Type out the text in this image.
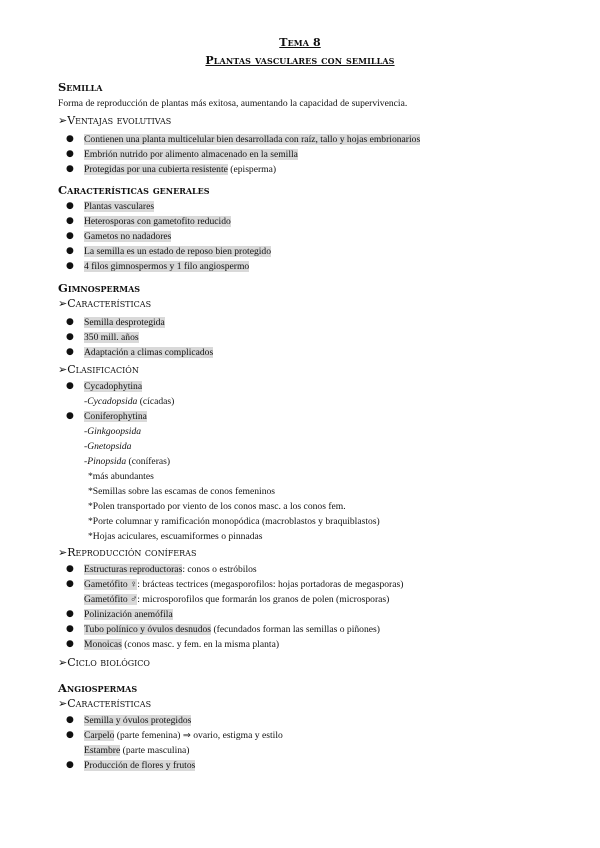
Tema 8
Plantas vasculares con semillas
Semilla
Forma de reproducción de plantas más exitosa, aumentando la capacidad de supervivencia.
➢Ventajas evolutivas
● Contienen una planta multicelular bien desarrollada con raíz, tallo y hojas embrionarios
● Embrión nutrido por alimento almacenado en la semilla
● Protegidas por una cubierta resistente (episperma)
Características generales
● Plantas vasculares
● Heterosporas con gametofito reducido
● Gametos no nadadores
● La semilla es un estado de reposo bien protegido
● 4 filos gimnospermos y 1 filo angiospermo
Gimnospermas
➢Características
● Semilla desprotegida
● 350 mill. años
● Adaptación a climas complicados
➢Clasificación
● Cycadophytina
-Cycadopsida (cícadas)
● Coniferophytina
-Ginkgoopsida
-Gnetopsida
-Pinopsida (coníferas)
*más abundantes
*Semillas sobre las escamas de conos femeninos
*Polen transportado por viento de los conos masc. a los conos fem.
*Porte columnar y ramificación monopódica (macroblastos y braquiblastos)
*Hojas aciculares, escuamiformes o pinnadas
➢Reproducción coníferas
● Estructuras reproductoras: conos o estróbilos
● Gametófito ♀: brácteas tectrices (megasporofilos: hojas portadoras de megasporas)
Gametófito ♂: microsporofilos que formarán los granos de polen (microsporas)
● Polinización anemófila
● Tubo polínico y óvulos desnudos (fecundados forman las semillas o piñones)
● Monoicas (conos masc. y fem. en la misma planta)
➢Ciclo biológico
Angiospermas
➢Características
● Semilla y óvulos protegidos
● Carpelo (parte femenina) ⇒ ovario, estigma y estilo
Estambre (parte masculina)
● Producción de flores y frutos
